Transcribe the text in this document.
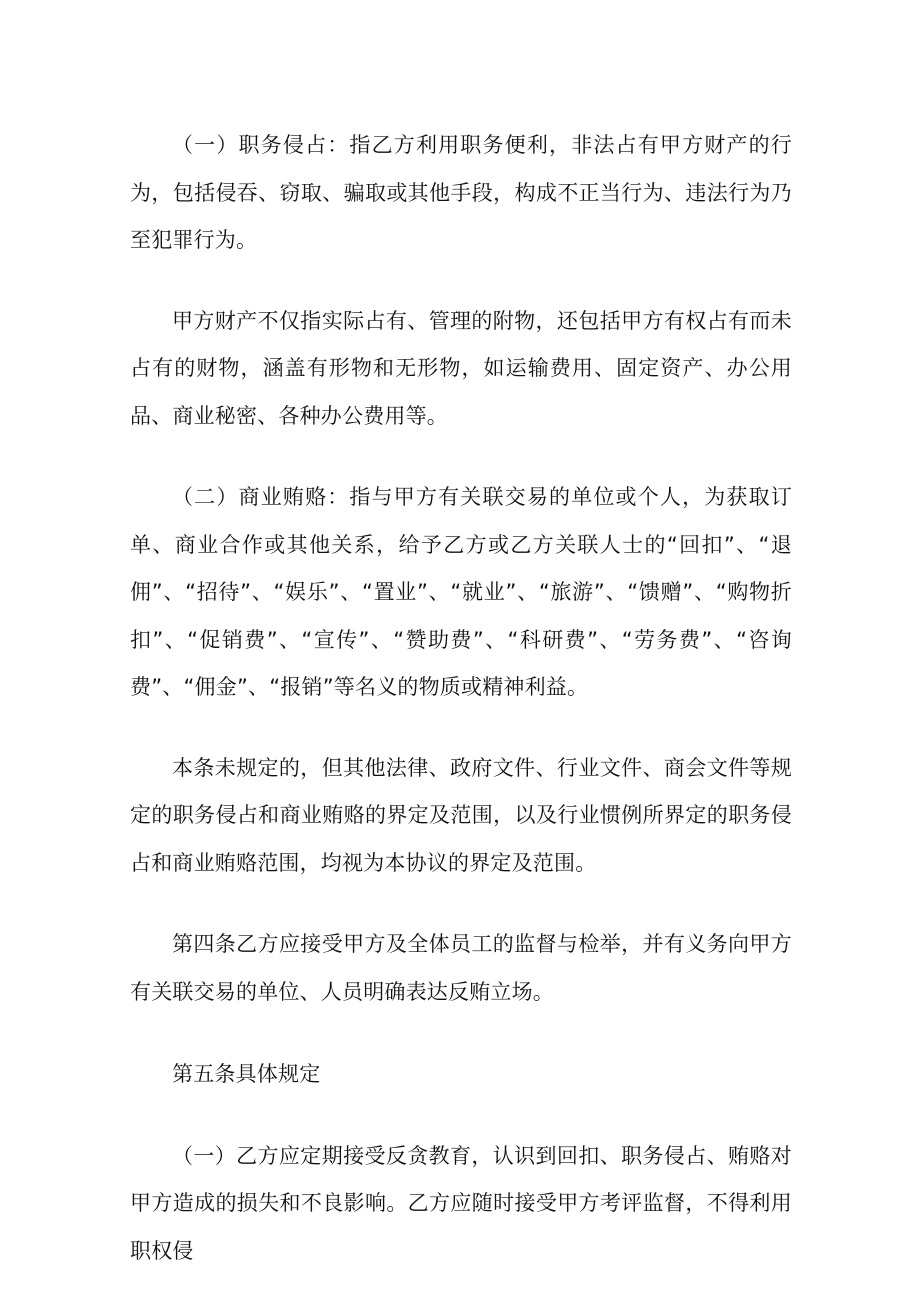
（一）职务侵占：指乙方利用职务便利，非法占有甲方财产的行为，包括侵吞、窃取、骗取或其他手段，构成不正当行为、违法行为乃至犯罪行为。

甲方财产不仅指实际占有、管理的附物，还包括甲方有权占有而未占有的财物，涵盖有形物和无形物，如运输费用、固定资产、办公用品、商业秘密、各种办公费用等。

（二）商业贿赂：指与甲方有关联交易的单位或个人，为获取订单、商业合作或其他关系，给予乙方或乙方关联人士的“回扣”、“退佣”、“招待”、“娱乐”、“置业”、“就业”、“旅游”、“馈赠”、“购物折扣”、“促销费”、“宣传”、“赞助费”、“科研费”、“劳务费”、“咨询费”、“佣金”、“报销”等名义的物质或精神利益。

本条未规定的，但其他法律、政府文件、行业文件、商会文件等规定的职务侵占和商业贿赂的界定及范围，以及行业惯例所界定的职务侵占和商业贿赂范围，均视为本协议的界定及范围。

第四条乙方应接受甲方及全体员工的监督与检举，并有义务向甲方有关联交易的单位、人员明确表达反贿立场。

第五条具体规定

（一）乙方应定期接受反贪教育，认识到回扣、职务侵占、贿赂对甲方造成的损失和不良影响。乙方应随时接受甲方考评监督，不得利用职权侵
